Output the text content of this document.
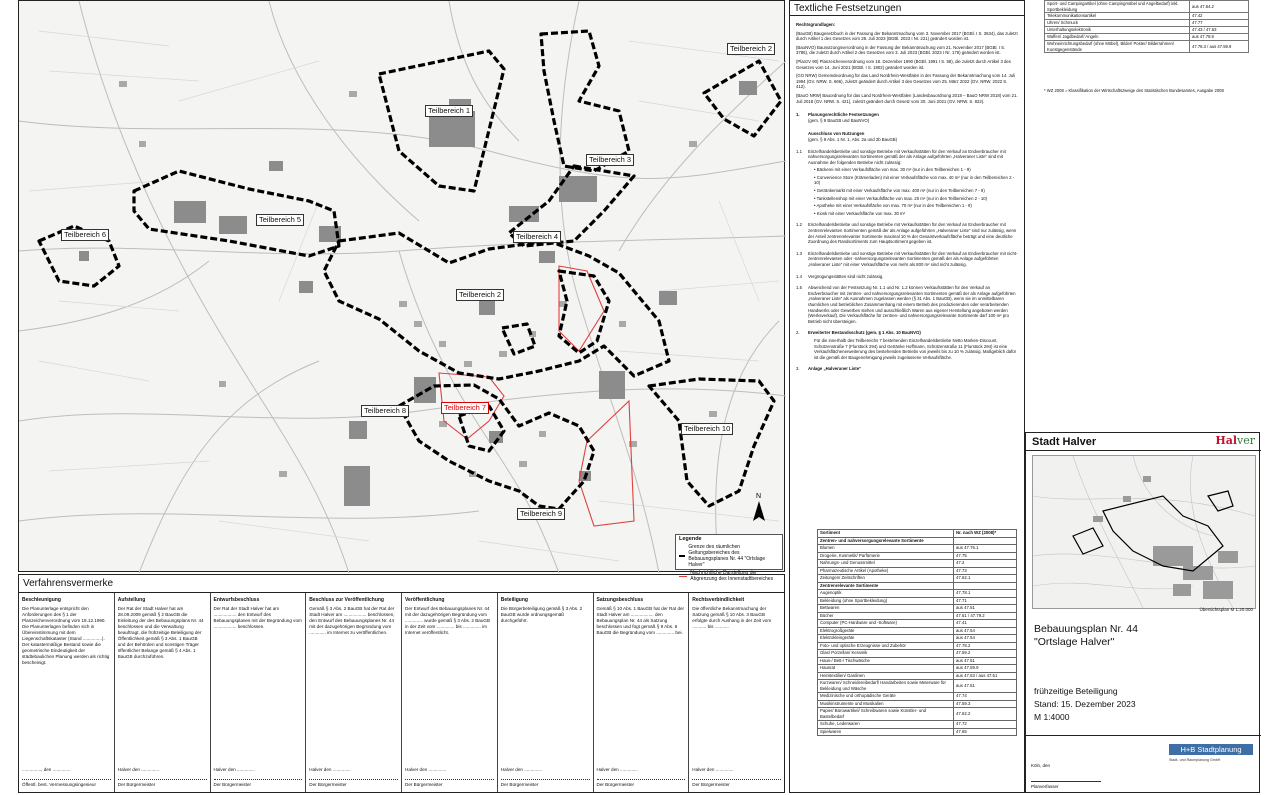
N
Teilbereich 1
Teilbereich 2
Teilbereich 3
Teilbereich 4
Teilbereich 5
Teilbereich 6
Teilbereich 7
Teilbereich 8
Teilbereich 9
Teilbereich 10
Teilbereich 2
Legende
Grenze des räumlichen Geltungsbereiches des Bebauungsplanes Nr. 44 "Ortslage Halver"
Nachrichtliche Darstellung der Abgrenzung des Innenstadtbereiches
Verfahrensvermerke
Beschleunigung
Die Planunterlage entspricht den Anforderungen des § 1 der Planzeichenverordnung vom 18.12.1990. Die Planunterlagen befinden sich in Übereinstimmung mit dem Liegenschaftskataster (Stand ...............). Der katastermäßige Bestand sowie die geometrische Eindeutigkeit der städtebaulichen Planung werden als richtig bescheinigt.
..............., den ..............
Öffentl. best. Vermessungsingenieur
Aufstellung
Der Rat der Stadt Halver hat am 28.09.2009 gemäß § 2 BauGB die Einleitung der des Bebauungsplans Nr. 44 beschlossen und die Verwaltung beauftragt, die frühzeitige Beteiligung der Öffentlichkeit gemäß § 3 Abs. 1 BauGB und der Behörden und sonstigen Träger öffentlicher Belange gemäß § 4 Abs. 1 BauGB durchzuführen.
Halver den ..............
Der Bürgermeister
Entwurfsbeschluss
Der Rat der Stadt Halver hat am .................. den Entwurf des Bebauungsplanes mit der Begründung vom .................. beschlossen.
Halver den ..............
Der Bürgermeister
Beschluss zur Veröffentlichung
Gemäß § 3 Abs. 2 BauGB hat der Rat der Stadt Halver am .................. beschlossen, den Entwurf des Bebauungsplanes Nr. 44 mit der dazugehörigen Begründung vom ............. im Internet zu veröffentlichen.
Halver den ..............
Der Bürgermeister
Veröffentlichung
Der Entwurf des Bebauungsplanes Nr. 44 mit der dazugehörigen Begründung vom .............. wurde gemäß § 3 Abs. 2 BauGB in der Zeit vom .............. bis .............. im Internet veröffentlicht.
Halver den ..............
Der Bürgermeister
Beteiligung
Die Bürgerbeteiligung gemäß § 3 Abs. 2 BauGB wurde ordnungsgemäß durchgeführt.
Halver den ..............
Der Bürgermeister
Satzungsbeschluss
Gemäß § 10 Abs. 1 BauGB hat der Rat der Stadt Halver am .................. den Bebauungsplan Nr. 44 als Satzung beschlossen und fügt gemäß § 9 Abs. 8 BauGB die Begründung vom .............. bei.
Halver den ..............
Der Bürgermeister
Rechtsverbindlichkeit
Die öffentliche Bekanntmachung der Satzung gemäß § 10 Abs. 3 BauGB erfolgte durch Aushang in der Zeit vom ........... bis ...........
Halver den ..............
Der Bürgermeister
Textliche Festsetzungen
Rechtsgrundlagen:
(BauGB) Baugesetzbuch in der Fassung der Bekanntmachung vom 3. November 2017 (BGBl. I S. 3634), das zuletzt durch Artikel 1 des Gesetzes vom 28. Juli 2023 (BGBl. 2023 I Nr. 221) geändert worden ist.
(BauNVO) Baunutzungsverordnung in der Fassung der Bekanntmachung vom 21. November 2017 (BGBl. I S. 3786), die zuletzt durch Artikel 2 des Gesetzes vom 3. Juli 2023 (BGBl. 2023 I Nr. 176) geändert worden ist.
(PlanzV 90) Planzeichenverordnung vom 18. Dezember 1990 (BGBl. 1991 I S. 58), die zuletzt durch Artikel 3 des Gesetzes vom 14. Juni 2021 (BGBl. I S. 1802) geändert worden ist.
(GO NRW) Gemeindeordnung für das Land Nordrhein-Westfalen in der Fassung der Bekanntmachung vom 14. Juli 1994 (GV. NRW. S. 666), zuletzt geändert durch Artikel 3 des Gesetzes vom 25. März 2022 (GV. NRW. 2022 S. 412).
(BauO NRW) Bauordnung für das Land Nordrhein-Westfalen (Landesbauordnung 2018 – BauO NRW 2018) vom 21. Juli 2018 (GV. NRW. S. 421), zuletzt geändert durch Gesetz vom 30. Juni 2021 (GV. NRW. S. 822).
1. Planungsrechtliche Festsetzungen
(gem. § 9 BauGB und BauNVO)
Ausschluss von Nutzungen
(gem. § 9 Abs. 1 Nr. 1, Abs. 2a und 2b BauGB)
1.1	Einzelhandelsbetriebe und sonstige Betriebe mit Verkaufsstätten für den Verkauf an Endverbraucher mit nahversorgungsrelevanten Sortimenten gemäß der als Anlage aufgeführten „Halveraner Liste“ sind mit Ausnahme der folgenden Betriebe nicht zulässig:
• Bäckerei mit einer Verkaufsfläche von max. 30 m² (nur in den Teilbereichen 1 - 9)
• Convenience Store (Krämerladen) mit einer Verkaufsfläche von max. 40 m² (nur in den Teilbereichen 2 - 10)
• Getränkemarkt mit einer Verkaufsfläche von max. 400 m² (nur in den Teilbereichen 7 - 9)
• Tankstellenshop mit einer Verkaufsfläche von max. 20 m² (nur in den Teilbereichen 2 - 10)
• Apotheke mit einer Verkaufsfläche von max. 70 m² (nur in den Teilbereichen 1 - 9)
• Kiosk mit einer Verkaufsfläche von max. 30 m²
1.2	Einzelhandelsbetriebe und sonstige Betriebe mit Verkaufsstätten für den Verkauf an Endverbraucher mit zentrenrelevanten Sortimenten gemäß der als Anlage aufgeführten „Halveraner Liste“ sind nur zulässig, wenn der Anteil zentrenrelevanter Sortimente maximal 10 % der Gesamtverkaufsfläche beträgt und eine deutliche Zuordnung des Randsortiments zum Hauptsortiment gegeben ist.
1.3	Einzelhandelsbetriebe und sonstige Betriebe mit Verkaufsstätten für den Verkauf an Endverbraucher mit nicht-zentrenrelevanten oder -nahversorgungsrelevanten Sortimenten gemäß der als Anlage aufgeführten „Halveraner Liste“ mit einer Verkaufsfläche von mehr als 800 m² sind nicht zulässig.
1.4	Vergnügungsstätten sind nicht zulässig.
1.5	Abweichend von der Festsetzung Nr. 1.1 und Nr. 1.2 können Verkaufsstätten für den Verkauf an Endverbraucher mit zentren- und nahversorgungsrelevanten Sortimenten gemäß der als Anlage aufgeführten „Halveraner Liste“ als Ausnahmen zugelassen werden (§ 31 Abs. 1 BauGB), wenn sie im unmittelbaren räumlichen und betrieblichen Zusammenhang mit einem Betrieb des produzierenden oder verarbeitenden Handwerks oder Gewerbes stehen und ausschließlich Waren aus eigener Herstellung angeboten werden (Werksverkauf). Die Verkaufsfläche für zentren- und nahversorgungsrelevante Sortimente darf 100 m² pro Betrieb nicht übersteigen.
2.	Erweiterter Bestandsschutz (gem. § 1 Abs. 10 BauNVO)
Für die innerhalb des Teilbereichs 7 bestehenden Einzelhandelsbetriebe Netto Marken-Discount, Schützenstraße 7 (Flurstück 294) und Getränke Hoffmann, Schützenstraße 11 (Flurstück 294) ist eine Verkaufsflächenerweiterung des bestehenden Betriebs von jeweils bis zu 10 % zulässig. Maßgeblich dafür ist die gemäß der Baugenehmigung jeweils zugelassene Verkaufsfläche.
3.	Anlage „Halveraner Liste“
Sortiment	Nr. nach WZ (2008)*
Zentren- und nahversorgungsrelevante Sortimente	
Blumen	aus 47.76.1
Drogerie, Kosmetik/ Parfümerie	47.75
Nahrungs- und Genussmittel	47.2
Pharmazeutische Artikel (Apotheke)	47.73
Zeitungen/ Zeitschriften	47.62.1
Zentrenrelevante Sortimente	
Augenoptik	47.78.1
Bekleidung (ohne Sportbekleidung)	47.71
Bettwaren	aus 47.51
Bücher	47.61 / 47.79.2
Computer (PC-Hardware und -Software)	47.41
Elektrogroßgeräte	aus 47.54
Elektrokleingeräte	aus 47.54
Foto- und optische Erzeugnisse und Zubehör	47.78.2
Glas/ Porzellan/ Keramik	47.59.2
Haus-/ Bett-/ Tischwäsche	aus 47.51
Hausrat	aus 47.59.9
Heimtextilien/ Gardinen	aus 47.53 / aus 47.51
Kurzwaren/ Schneidereibedarf/ Handarbeiten sowie Meterware für Bekleidung und Wäsche	aus 47.51
Medizinische und orthopädische Geräte	47.74
Musikinstrumente und Musikalien	47.59.3
Papier/ Bürowartikel/ Schreibwaren sowie Künstler- und Bastelbedarf	47.62.2
Schuhe, Lederwaren	47.72
Spielwaren	47.65
Sport- und Campingartikel (ohne Campingmöbel und Angelbedarf) inkl. Sportbekleidung	aus 47.64.2
Telekommunikationsartikel	47.42
Uhren/ Schmuck	47.77
Unterhaltungselektronik	47.43 / 47.63
Waffen/ Jagdbedarf/ Angeln	aus 47.78.9
Wohneinrichtungsbedarf (ohne Möbel), Bilder/ Poster/ Bilderrahmen/ Kunstgegenstände	47.78.3 / aus 47.59.9
* WZ 2008 = Klassifikation der Wirtschaftszweige des Statistischen Bundesamtes, Ausgabe 2008
Stadt Halver	Halver
Übersichtsplan M 1:20.000
Bebauungsplan Nr. 44
"Ortslage Halver"
frühzeitige Beteiligung
Stand: 15. Dezember 2023
M 1:4000
H+B Stadtplanung
Stadt- und Raumplanung GmbH
Köln, den
Planverfasser
